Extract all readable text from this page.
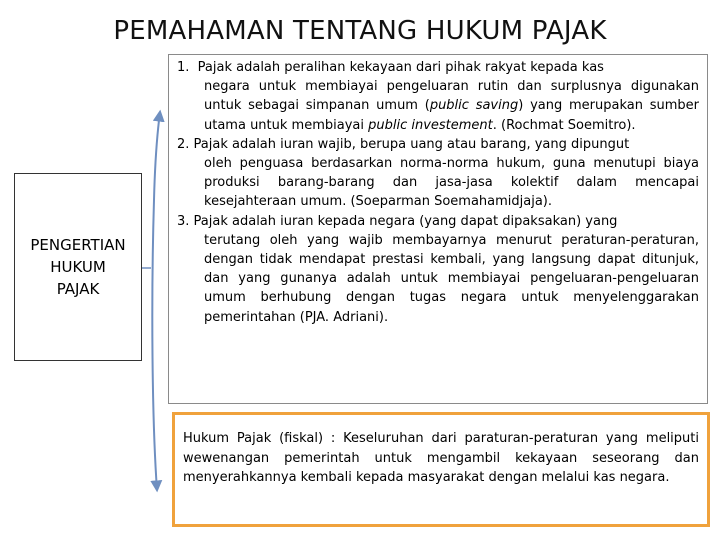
PEMAHAMAN TENTANG HUKUM PAJAK
PENGERTIAN
HUKUM
PAJAK
1. Pajak adalah peralihan kekayaan dari pihak rakyat kepada kas
negara untuk membiayai pengeluaran rutin dan surplusnya digunakan untuk sebagai simpanan umum (public saving) yang merupakan sumber utama untuk membiayai public investement. (Rochmat Soemitro).
2. Pajak adalah iuran wajib, berupa uang atau barang, yang dipungut
oleh penguasa berdasarkan norma-norma hukum, guna menutupi biaya produksi barang-barang dan jasa-jasa kolektif dalam mencapai kesejahteraan umum. (Soeparman Soemahamidjaja).
3. Pajak adalah iuran kepada negara (yang dapat dipaksakan) yang
terutang oleh yang wajib membayarnya menurut peraturan-peraturan, dengan tidak mendapat prestasi kembali, yang langsung dapat ditunjuk, dan yang gunanya adalah untuk membiayai pengeluaran-pengeluaran umum berhubung dengan tugas negara untuk menyelenggarakan pemerintahan (PJA. Adriani).
Hukum Pajak (fiskal) : Keseluruhan dari paraturan-peraturan yang meliputi wewenangan pemerintah untuk mengambil kekayaan seseorang dan menyerahkannya kembali kepada masyarakat dengan melalui kas negara.
